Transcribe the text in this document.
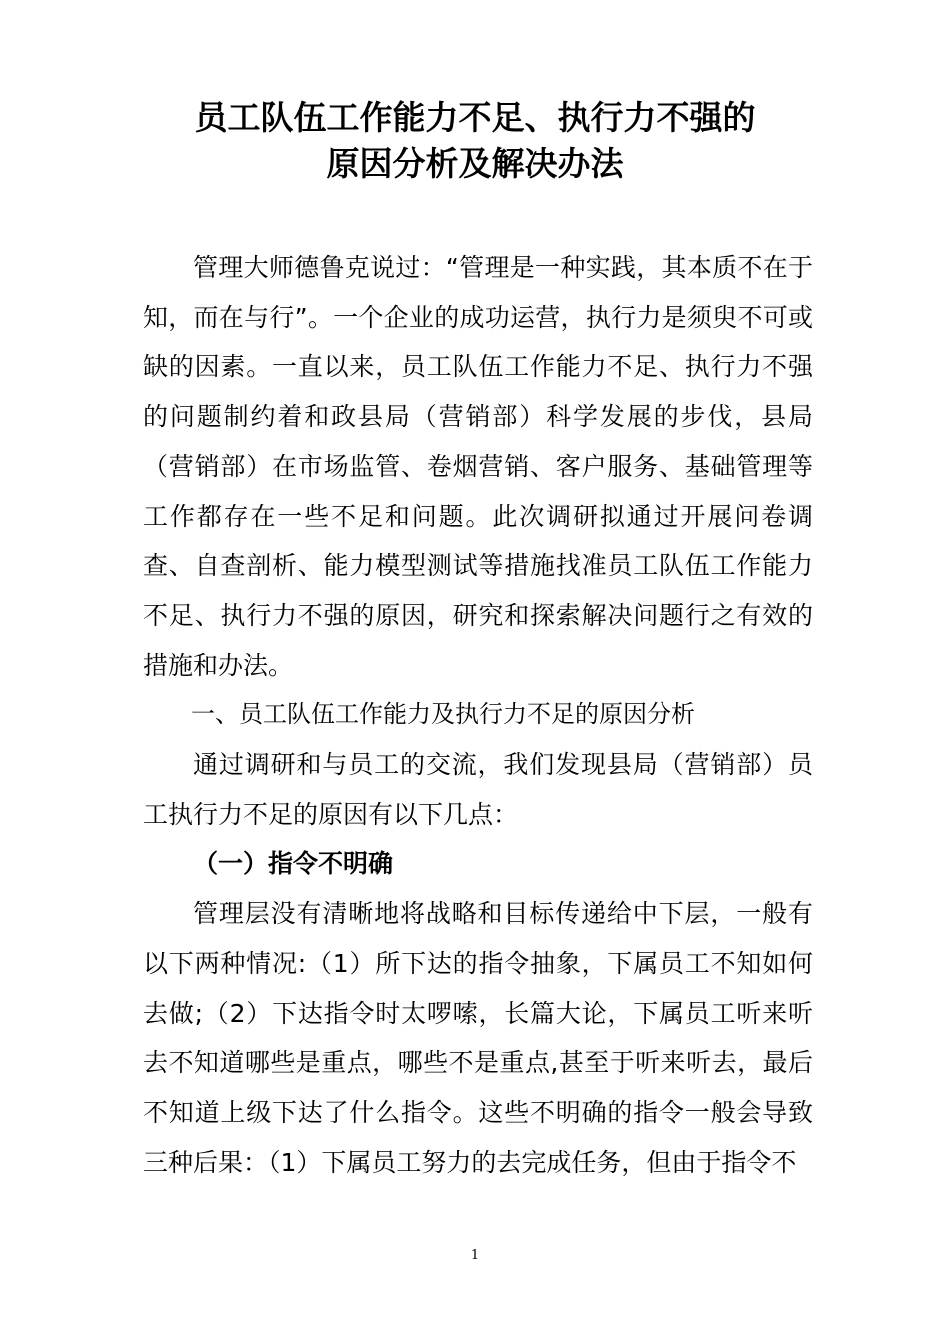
员工队伍工作能力不足、执行力不强的
原因分析及解决办法

管理大师德鲁克说过：“管理是一种实践，其本质不在于知，而在与行”。一个企业的成功运营，执行力是须臾不可或缺的因素。一直以来，员工队伍工作能力不足、执行力不强的问题制约着和政县局（营销部）科学发展的步伐，县局（营销部）在市场监管、卷烟营销、客户服务、基础管理等工作都存在一些不足和问题。此次调研拟通过开展问卷调查、自查剖析、能力模型测试等措施找准员工队伍工作能力不足、执行力不强的原因，研究和探索解决问题行之有效的措施和办法。

一、员工队伍工作能力及执行力不足的原因分析

通过调研和与员工的交流，我们发现县局（营销部）员工执行力不足的原因有以下几点：

（一）指令不明确

管理层没有清晰地将战略和目标传递给中下层，一般有以下两种情况:（1）所下达的指令抽象，下属员工不知如何去做;（2）下达指令时太啰嗦，长篇大论，下属员工听来听去不知道哪些是重点，哪些不是重点,甚至于听来听去，最后不知道上级下达了什么指令。这些不明确的指令一般会导致三种后果：（1）下属员工努力的去完成任务，但由于指令不

1
